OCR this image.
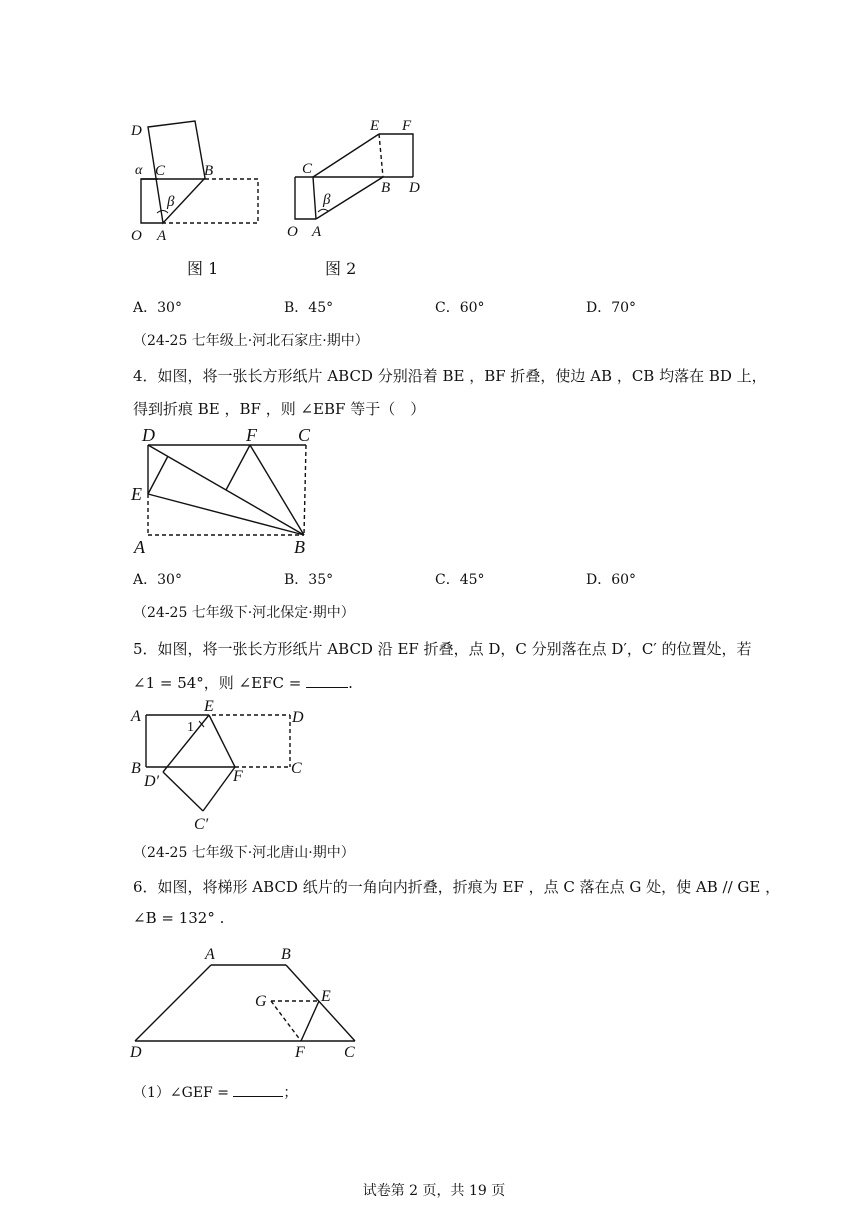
D
α C	B
β
O A
图 1
E F
C
B D
β
O A
图 2
A．30°	B．45°	C．60°	D．70°
（24-25 七年级上·河北石家庄·期中）
4．如图，将一张长方形纸片 ABCD 分别沿着 BE ，BF 折叠，使边 AB ，CB 均落在 BD 上，
得到折痕 BE ，BF ，则 ∠EBF 等于（　）
D	F C
E
A	B
A．30°	B．35°	C．45°	D．60°
（24-25 七年级下·河北保定·期中）
5．如图，将一张长方形纸片 ABCD 沿 EF 折叠，点 D，C 分别落在点 D′，C′ 的位置处，若
∠1 = 54°，则 ∠EFC =	.
A
1
E
D
B
D′	F	C
C′
（24-25 七年级下·河北唐山·期中）
6．如图，将梯形 ABCD 纸片的一角向内折叠，折痕为 EF ，点 C 落在点 G 处，使 AB // GE ，
∠B = 132° .
A	B
G	E
D	F C
（1）∠GEF =	；
试卷第 2 页，共 19 页
